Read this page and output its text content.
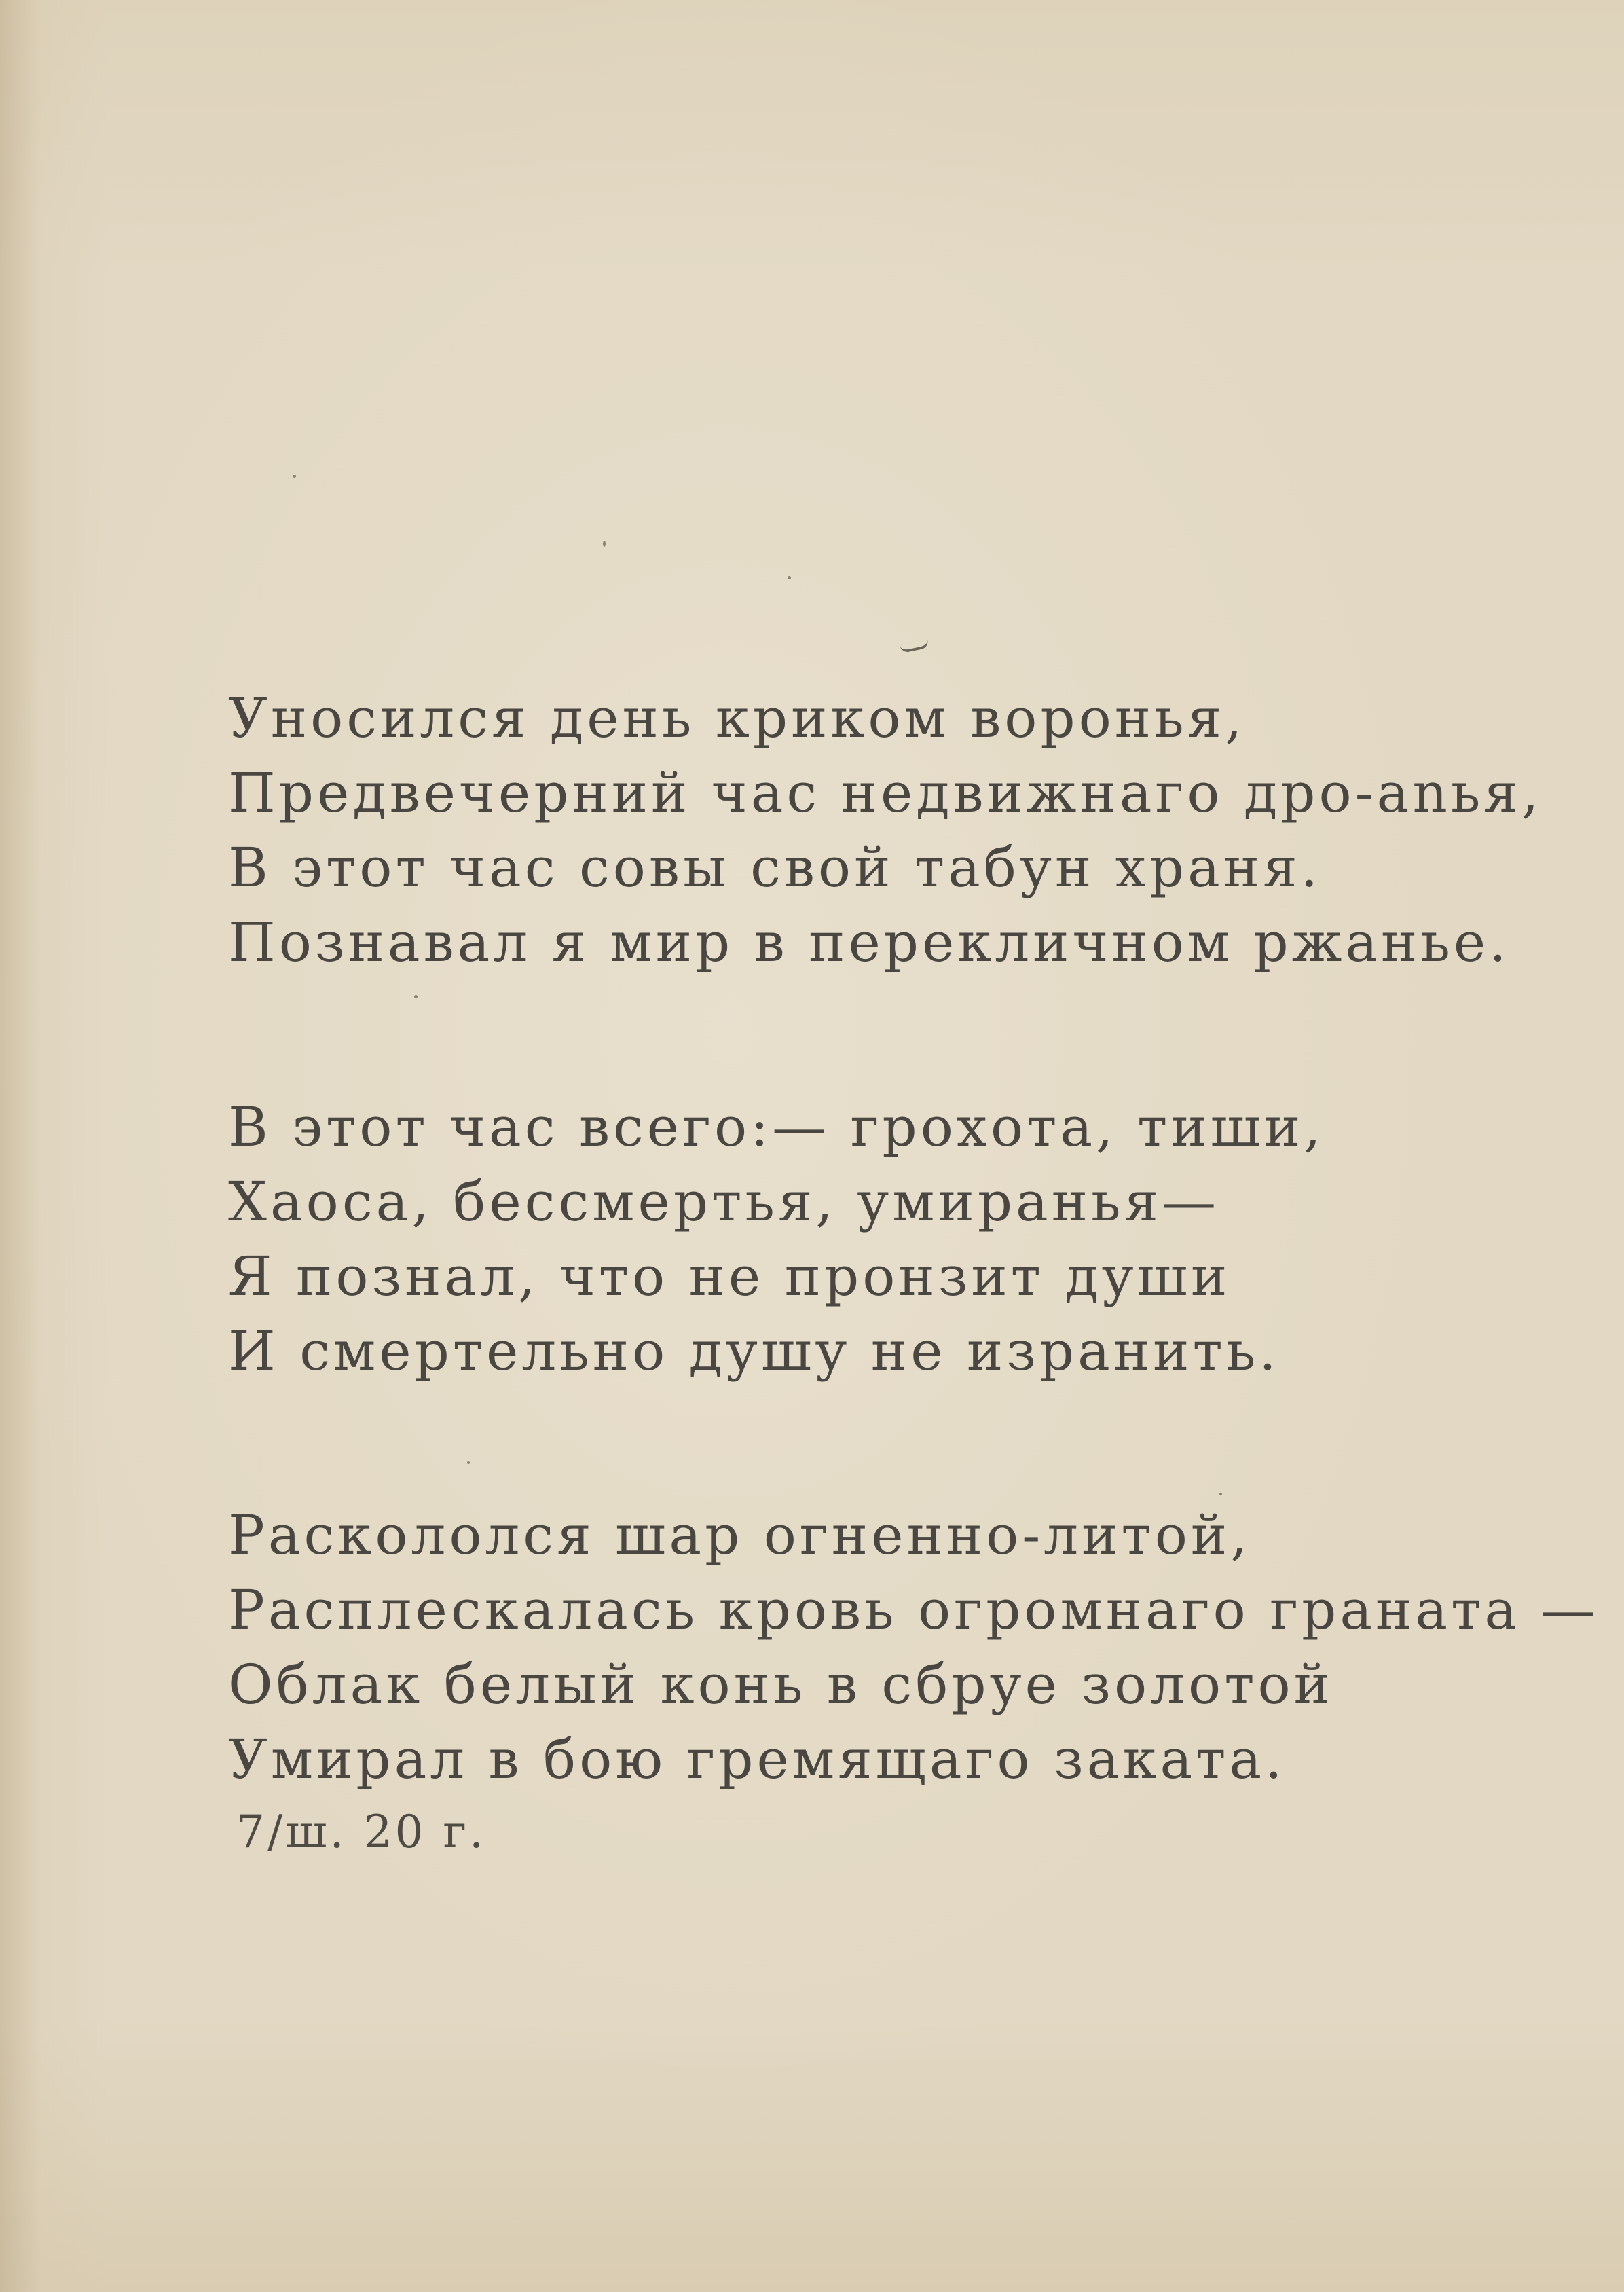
Уносился день криком воронья,
Предвечерний час недвижнаго дро-anья,
В этот час совы свой табун храня.
Познавал я мир в перекличном ржанье.
В этот час всего:— грохота, тиши,
Хаоса, бессмертья, умиранья—
Я познал, что не пронзит души
И смертельно душу не изранить.
Раскололся шар огненно-литой,
Расплескалась кровь огромнаго граната —
Облак белый конь в сбруе золотой
Умирал в бою гремящаго заката.
7/ш. 20 г.
